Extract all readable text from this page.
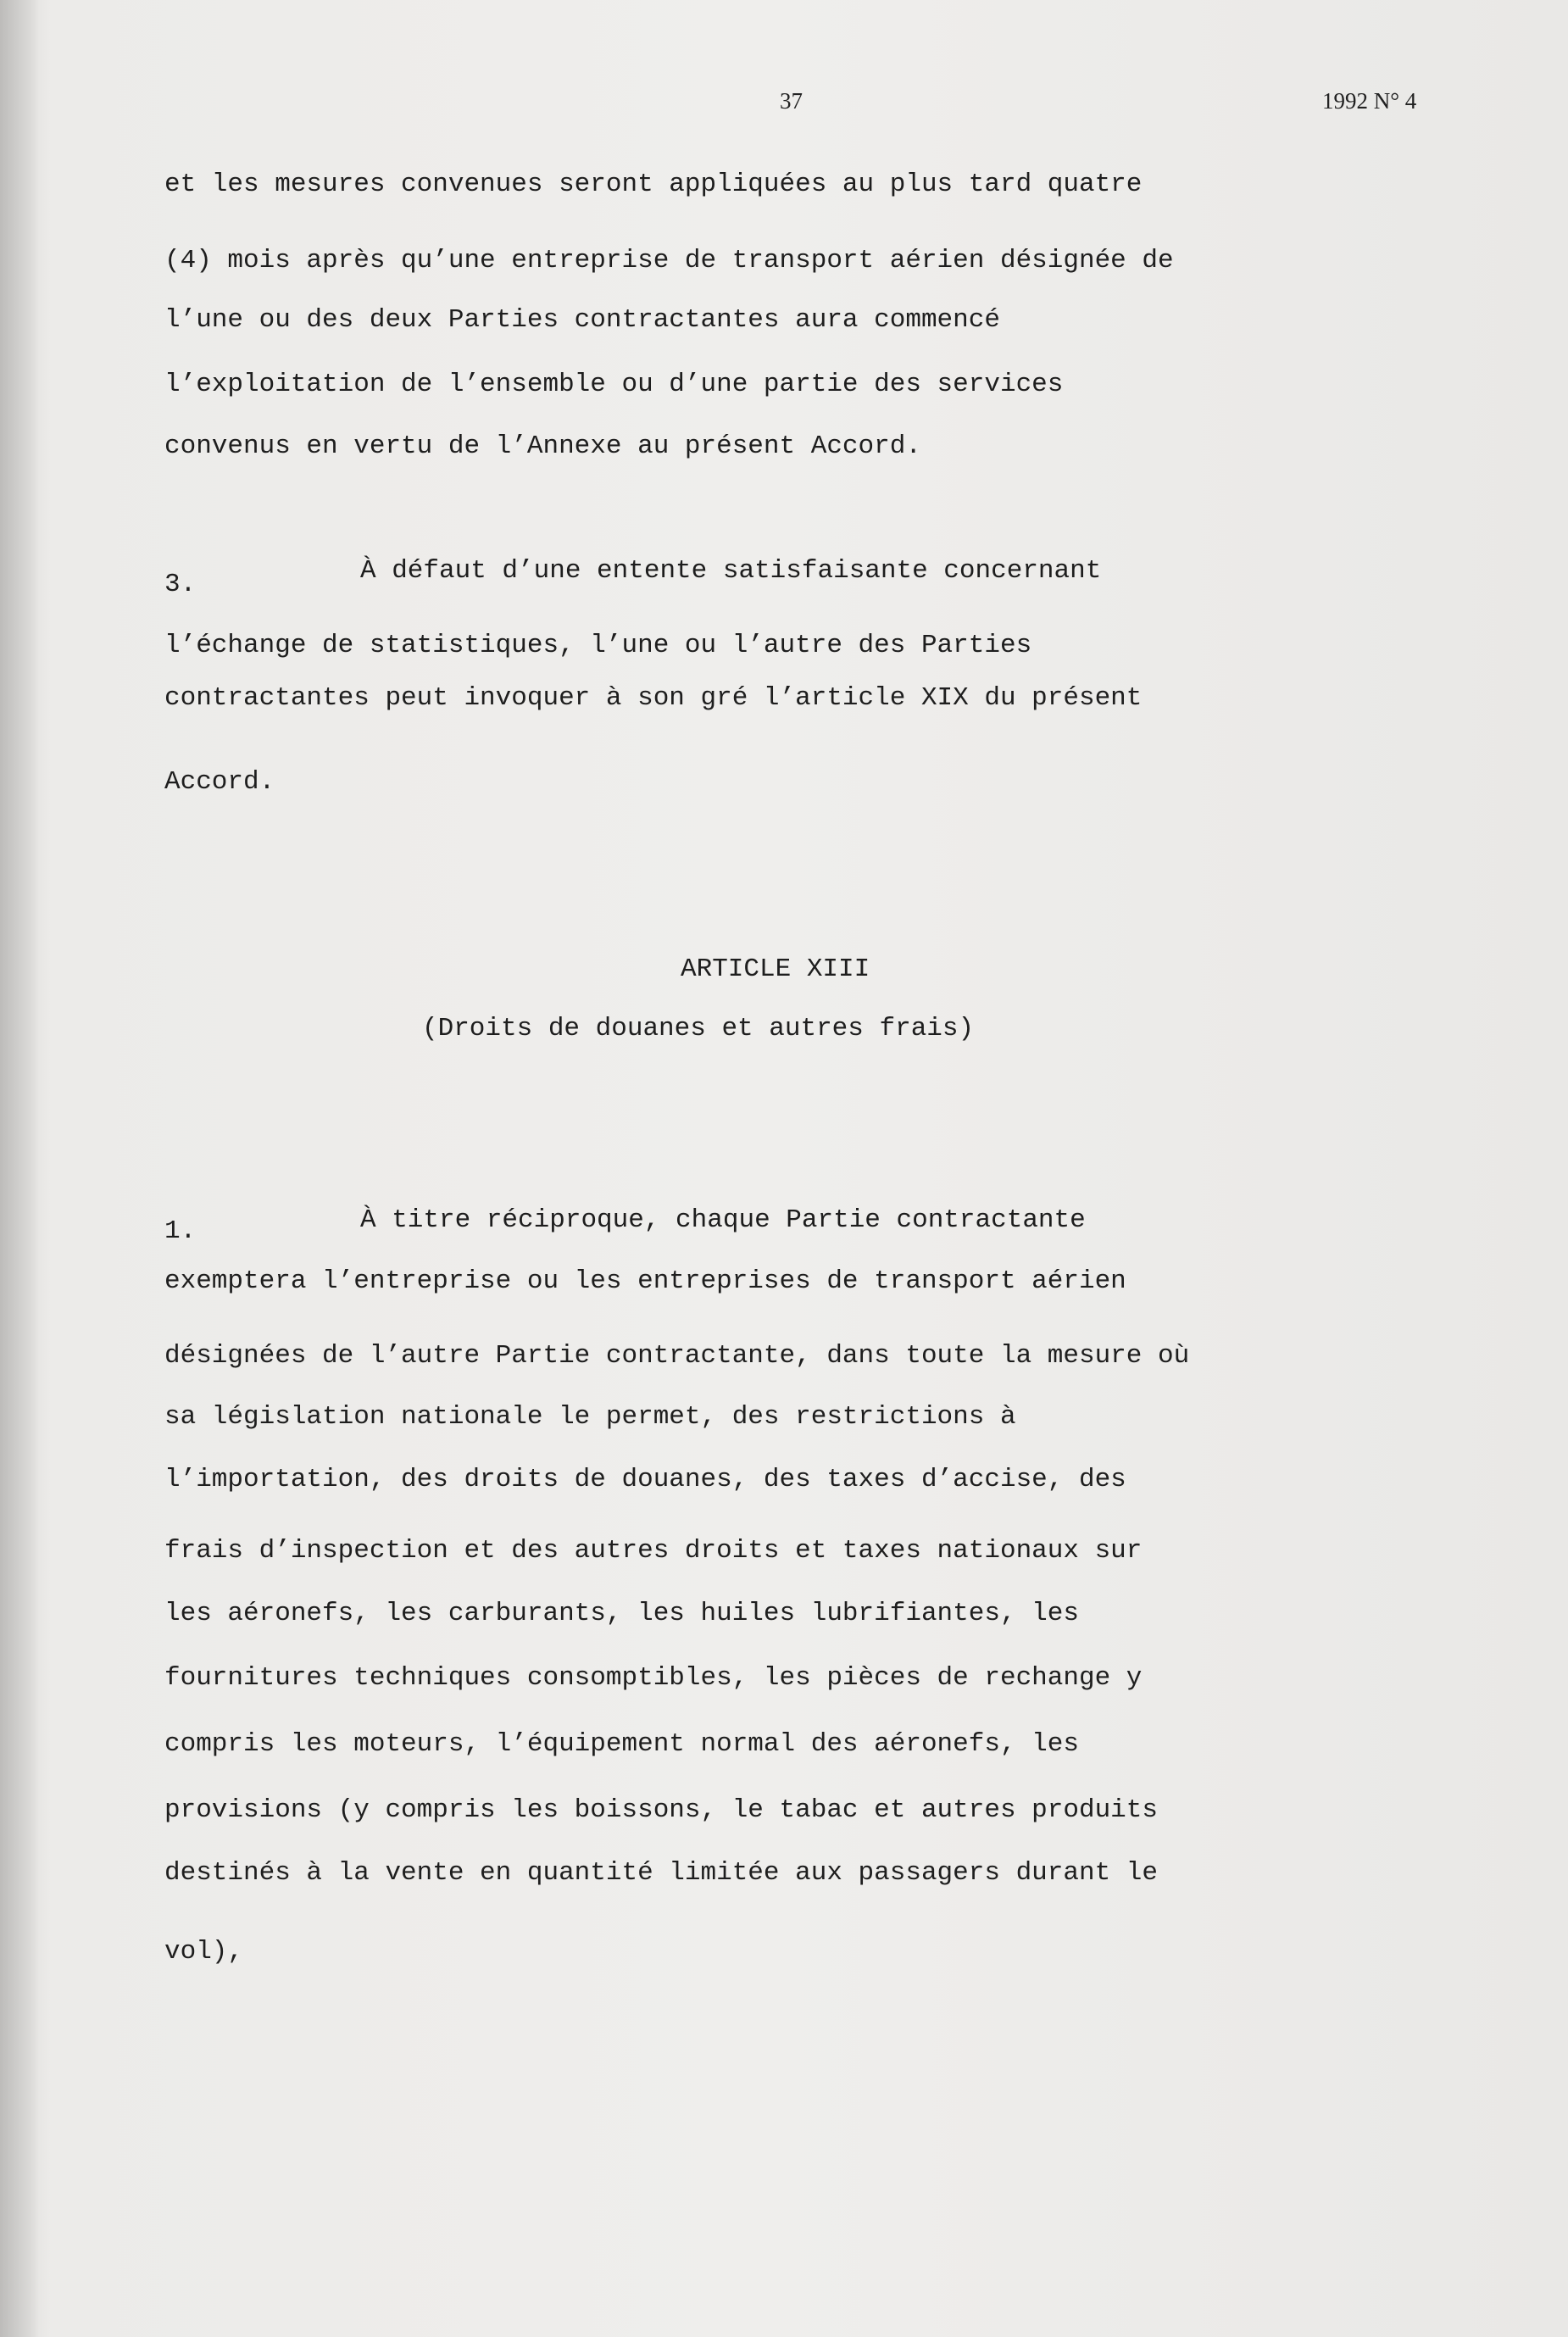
37	1992 N° 4
et les mesures convenues seront appliquées au plus tard quatre
(4) mois après qu’une entreprise de transport aérien désignée de
l’une ou des deux Parties contractantes aura commencé
l’exploitation de l’ensemble ou d’une partie des services
convenus en vertu de l’Annexe au présent Accord.
3.	À défaut d’une entente satisfaisante concernant
l’échange de statistiques, l’une ou l’autre des Parties
contractantes peut invoquer à son gré l’article XIX du présent
Accord.
ARTICLE XIII
(Droits de douanes et autres frais)
1.	À titre réciproque, chaque Partie contractante
exemptera l’entreprise ou les entreprises de transport aérien
désignées de l’autre Partie contractante, dans toute la mesure où
sa législation nationale le permet, des restrictions à
l’importation, des droits de douanes, des taxes d’accise, des
frais d’inspection et des autres droits et taxes nationaux sur
les aéronefs, les carburants, les huiles lubrifiantes, les
fournitures techniques consomptibles, les pièces de rechange y
compris les moteurs, l’équipement normal des aéronefs, les
provisions (y compris les boissons, le tabac et autres produits
destinés à la vente en quantité limitée aux passagers durant le
vol),
